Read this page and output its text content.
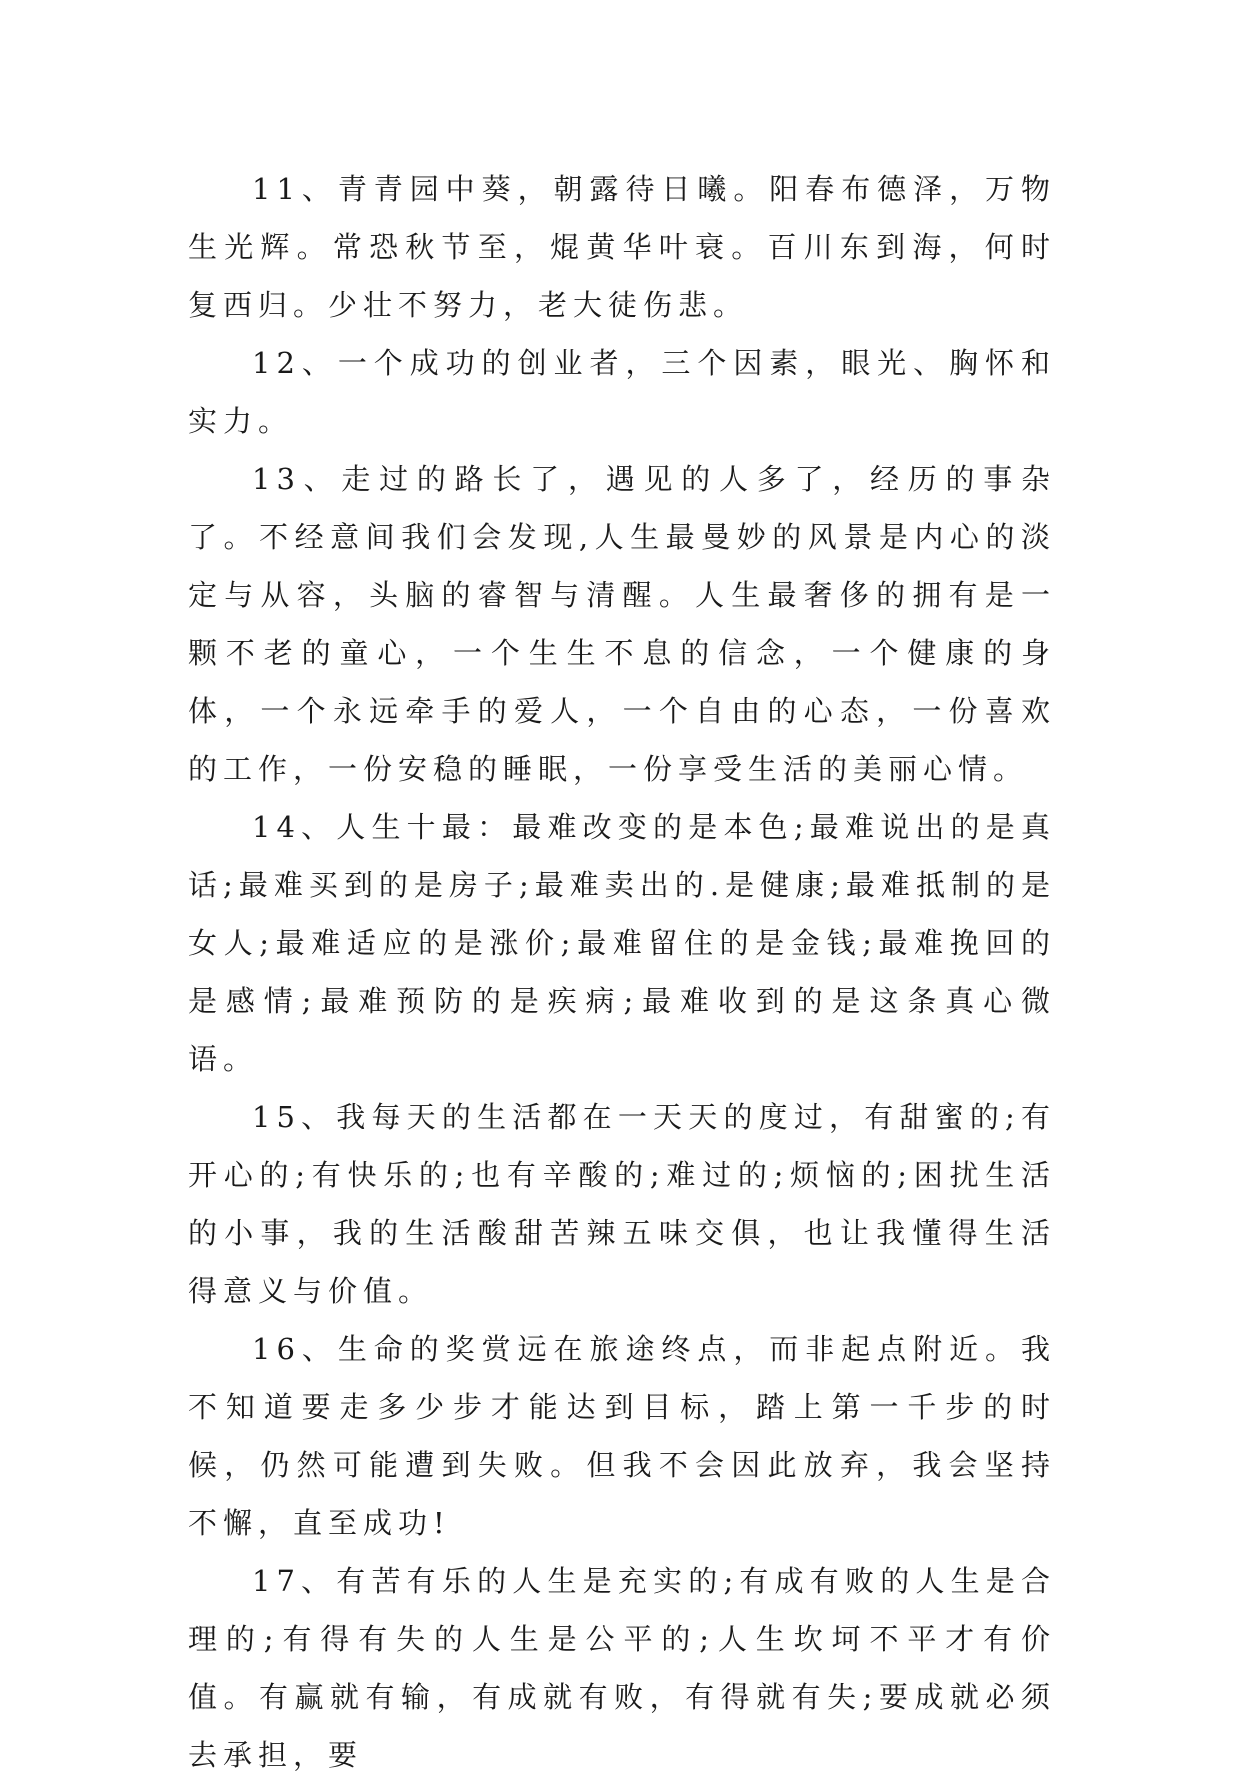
11、青青园中葵，朝露待日曦。阳春布德泽，万物生光辉。常恐秋节至，焜黄华叶衰。百川东到海，何时复西归。少壮不努力，老大徒伤悲。

12、一个成功的创业者，三个因素，眼光、胸怀和实力。

13、走过的路长了，遇见的人多了，经历的事杂了。不经意间我们会发现,人生最曼妙的风景是内心的淡定与从容，头脑的睿智与清醒。人生最奢侈的拥有是一颗不老的童心，一个生生不息的信念，一个健康的身体，一个永远牵手的爱人，一个自由的心态，一份喜欢的工作，一份安稳的睡眠，一份享受生活的美丽心情。

14、人生十最：最难改变的是本色;最难说出的是真话;最难买到的是房子;最难卖出的.是健康;最难抵制的是女人;最难适应的是涨价;最难留住的是金钱;最难挽回的是感情;最难预防的是疾病;最难收到的是这条真心微语。

15、我每天的生活都在一天天的度过，有甜蜜的;有开心的;有快乐的;也有辛酸的;难过的;烦恼的;困扰生活的小事，我的生活酸甜苦辣五味交俱，也让我懂得生活得意义与价值。

16、生命的奖赏远在旅途终点，而非起点附近。我不知道要走多少步才能达到目标，踏上第一千步的时候，仍然可能遭到失败。但我不会因此放弃，我会坚持不懈，直至成功!

17、有苦有乐的人生是充实的;有成有败的人生是合理的;有得有失的人生是公平的;人生坎坷不平才有价值。有赢就有输，有成就有败，有得就有失;要成就必须去承担，要
